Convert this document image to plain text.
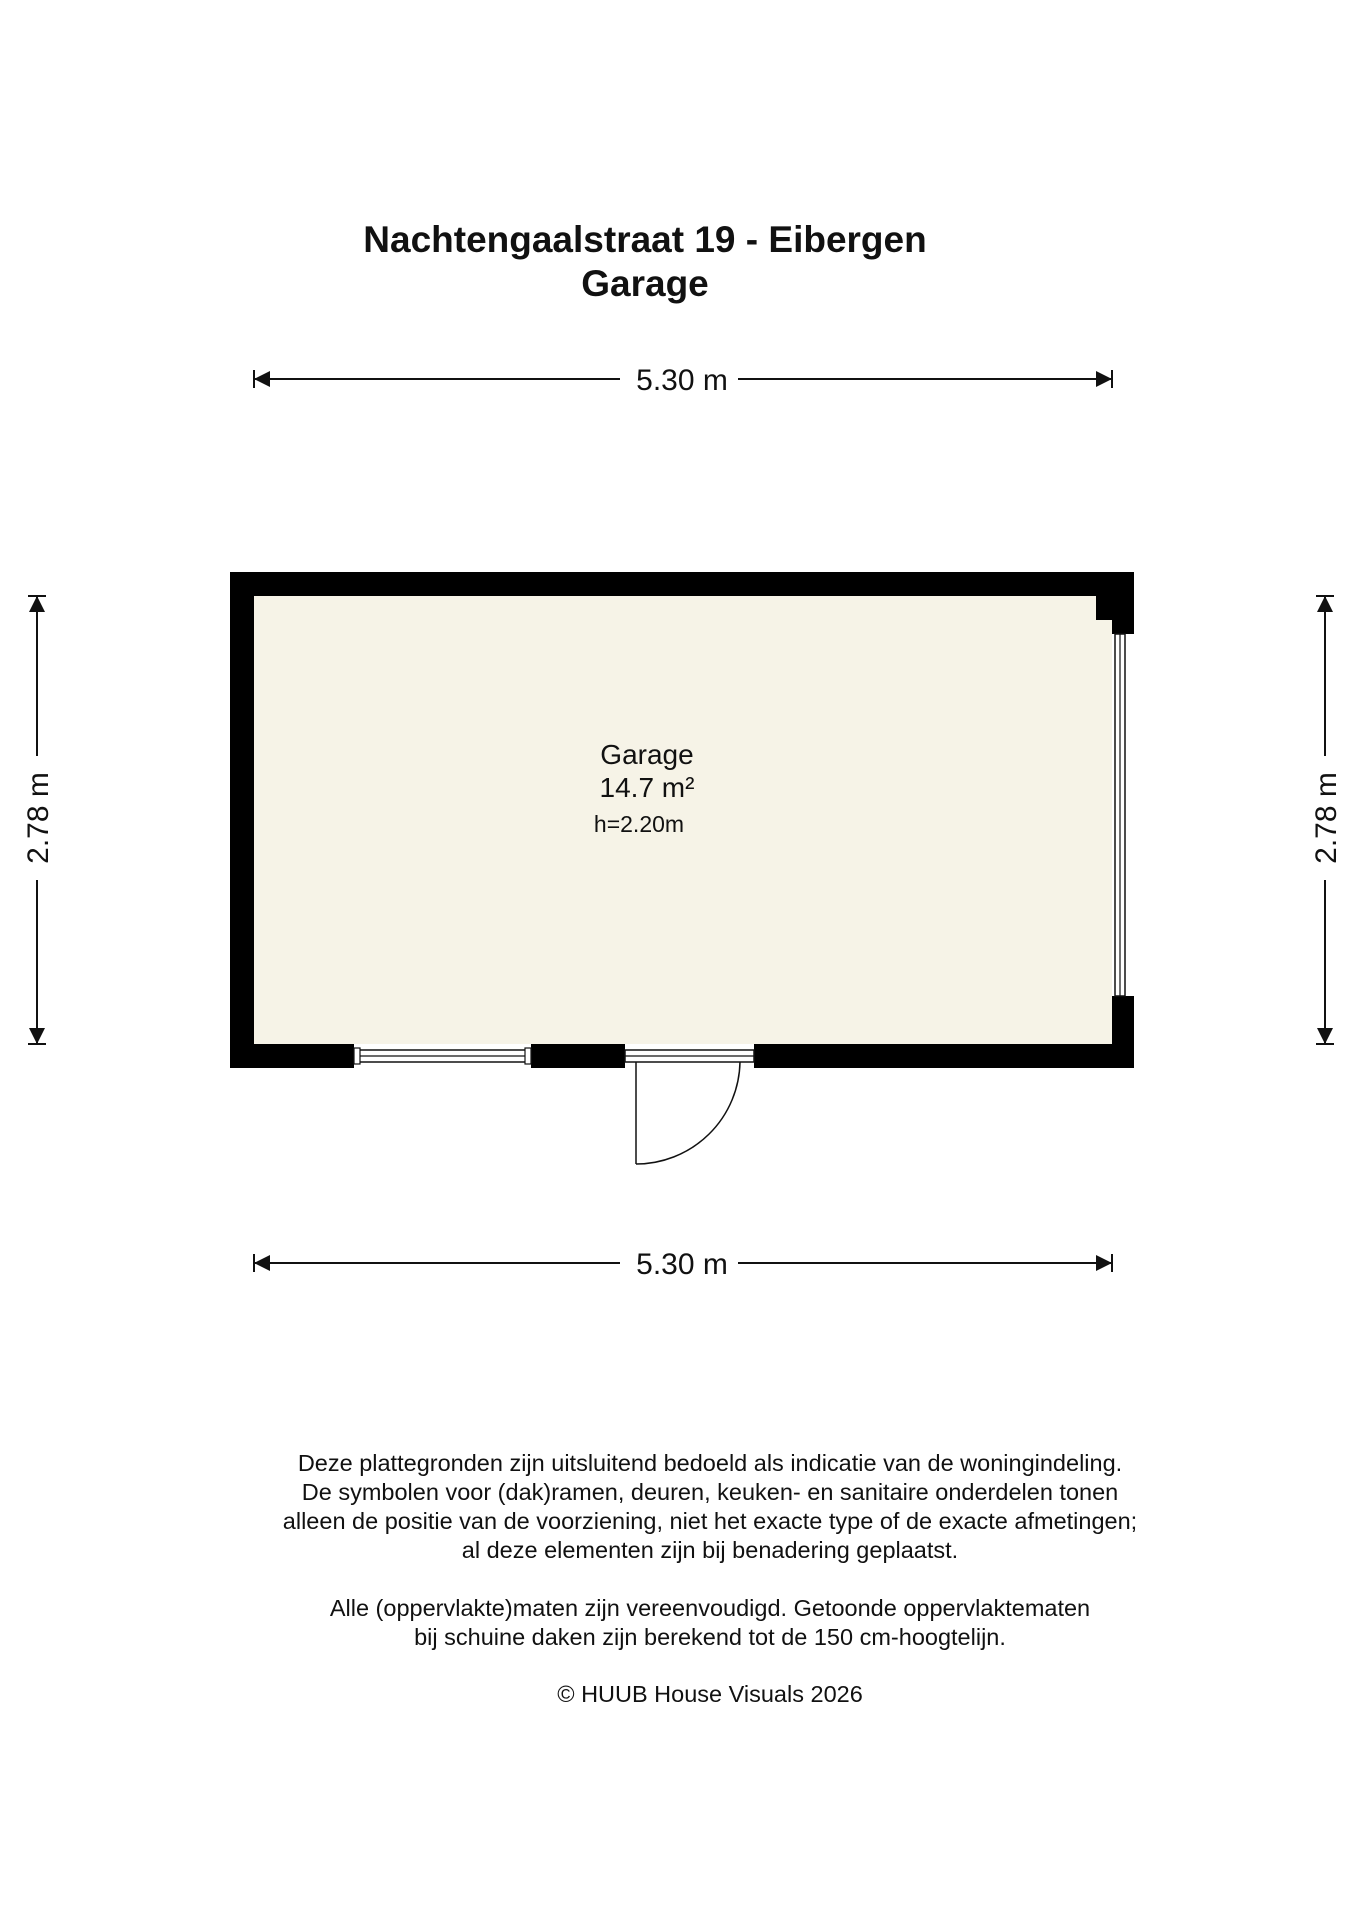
Nachtengaalstraat 19 - Eibergen
Garage
5.30 m
5.30 m
2.78 m	2.78 m
Garage
14.7 m²
h=2.20m
Deze plattegronden zijn uitsluitend bedoeld als indicatie van de woningindeling.
De symbolen voor (dak)ramen, deuren, keuken- en sanitaire onderdelen tonen
alleen de positie van de voorziening, niet het exacte type of de exacte afmetingen;
al deze elementen zijn bij benadering geplaatst.
Alle (oppervlakte)maten zijn vereenvoudigd. Getoonde oppervlaktematen
bij schuine daken zijn berekend tot de 150 cm-hoogtelijn.
© HUUB House Visuals 2026
